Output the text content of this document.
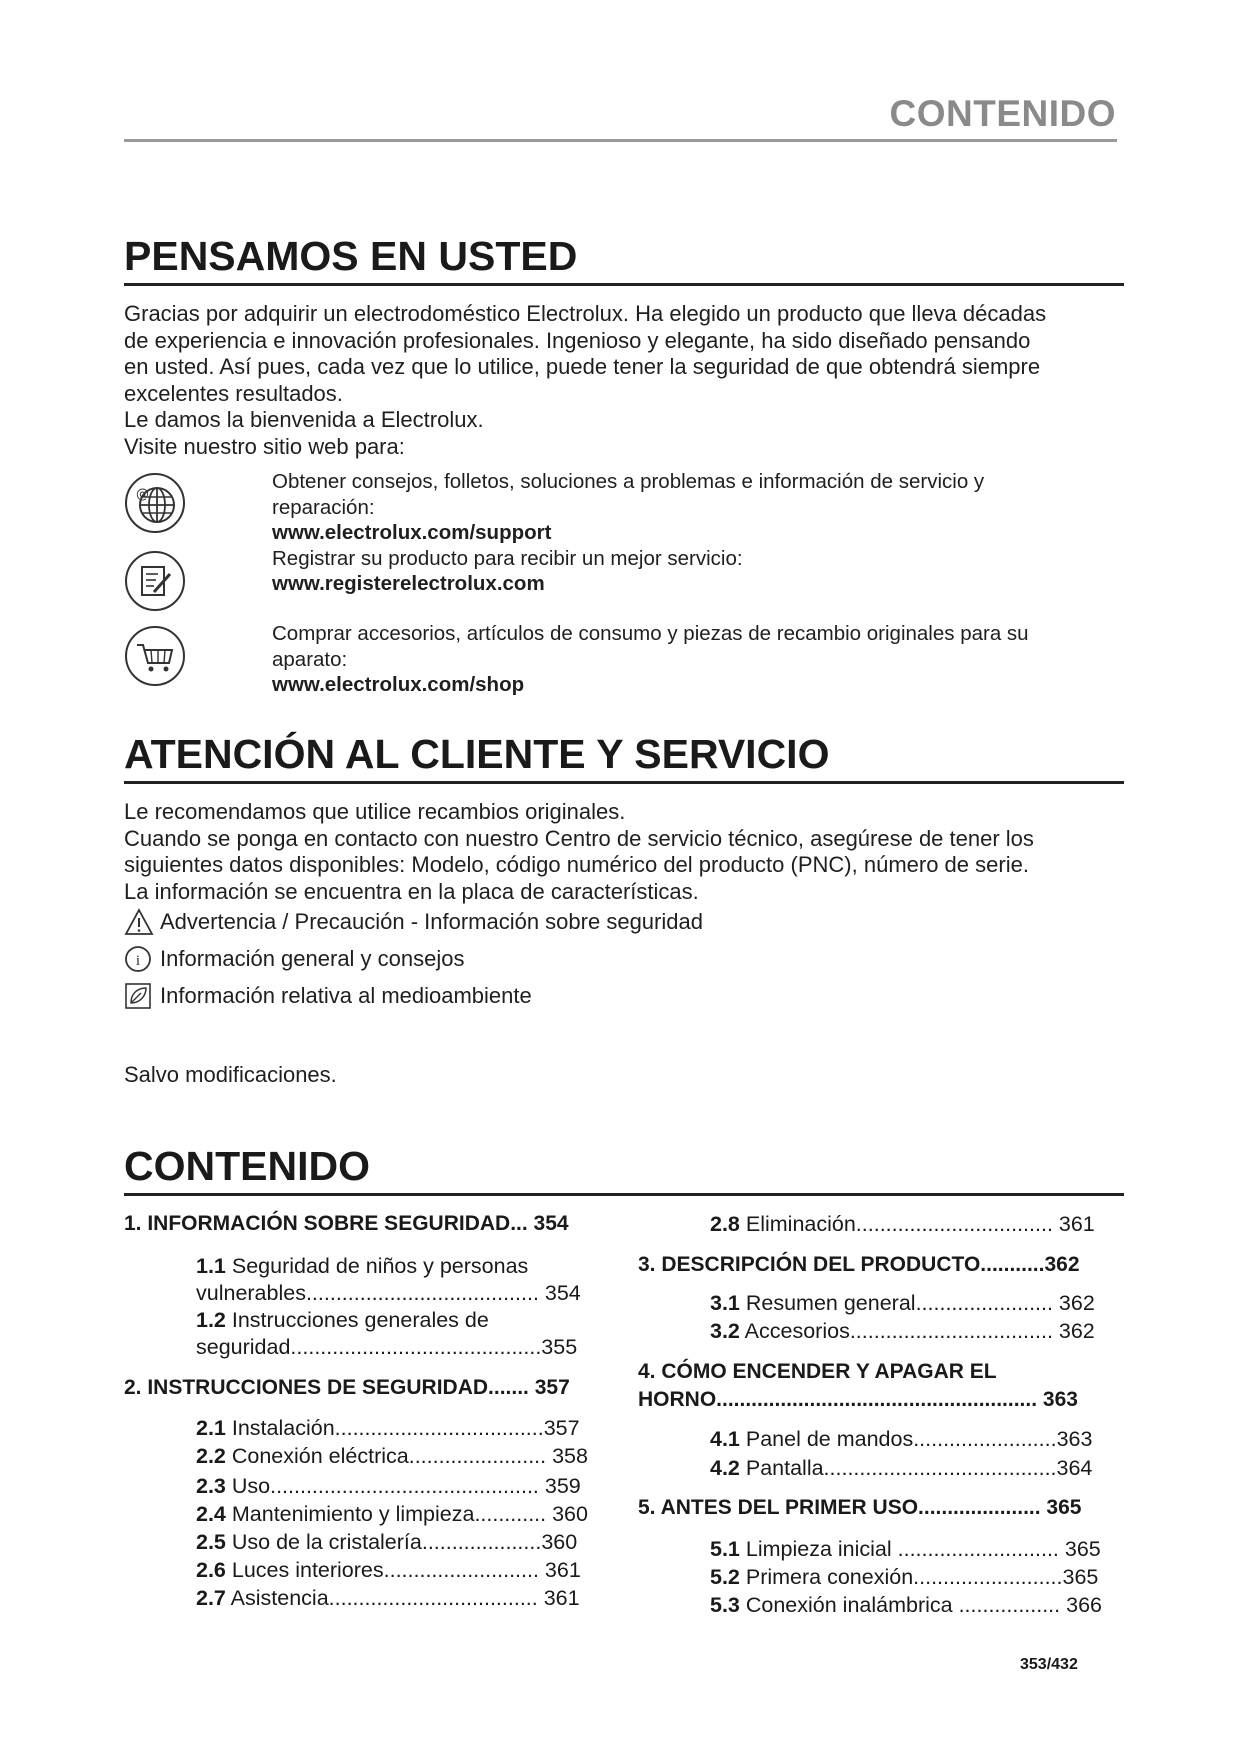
CONTENIDO
PENSAMOS EN USTED
Gracias por adquirir un electrodoméstico Electrolux. Ha elegido un producto que lleva décadas
de experiencia e innovación profesionales. Ingenioso y elegante, ha sido diseñado pensando
en usted. Así pues, cada vez que lo utilice, puede tener la seguridad de que obtendrá siempre
excelentes resultados.
Le damos la bienvenida a Electrolux.
Visite nuestro sitio web para:
@
Obtener consejos, folletos, soluciones a problemas e información de servicio y
reparación:
www.electrolux.com/support
Registrar su producto para recibir un mejor servicio:
www.registerelectrolux.com
Comprar accesorios, artículos de consumo y piezas de recambio originales para su
aparato:
www.electrolux.com/shop
ATENCIÓN AL CLIENTE Y SERVICIO
Le recomendamos que utilice recambios originales.
Cuando se ponga en contacto con nuestro Centro de servicio técnico, asegúrese de tener los
siguientes datos disponibles: Modelo, código numérico del producto (PNC), número de serie.
La información se encuentra en la placa de características.
Advertencia / Precaución - Información sobre seguridad
i Información general y consejos
Información relativa al medioambiente
Salvo modificaciones.
CONTENIDO
1. INFORMACIÓN SOBRE SEGURIDAD... 354
1.1 Seguridad de niños y personas
vulnerables....................................... 354
1.2 Instrucciones generales de
seguridad..........................................355
2. INSTRUCCIONES DE SEGURIDAD....... 357
2.1 Instalación...................................357
2.2 Conexión eléctrica....................... 358
2.3 Uso............................................. 359
2.4 Mantenimiento y limpieza............ 360
2.5 Uso de la cristalería....................360
2.6 Luces interiores.......................... 361
2.7 Asistencia................................... 361
2.8 Eliminación................................. 361
3. DESCRIPCIÓN DEL PRODUCTO...........362
3.1 Resumen general....................... 362
3.2 Accesorios.................................. 362
4. CÓMO ENCENDER Y APAGAR EL
HORNO....................................................... 363
4.1 Panel de mandos........................363
4.2 Pantalla.......................................364
5. ANTES DEL PRIMER USO..................... 365
5.1 Limpieza inicial ........................... 365
5.2 Primera conexión.........................365
5.3 Conexión inalámbrica ................. 366
353/432
